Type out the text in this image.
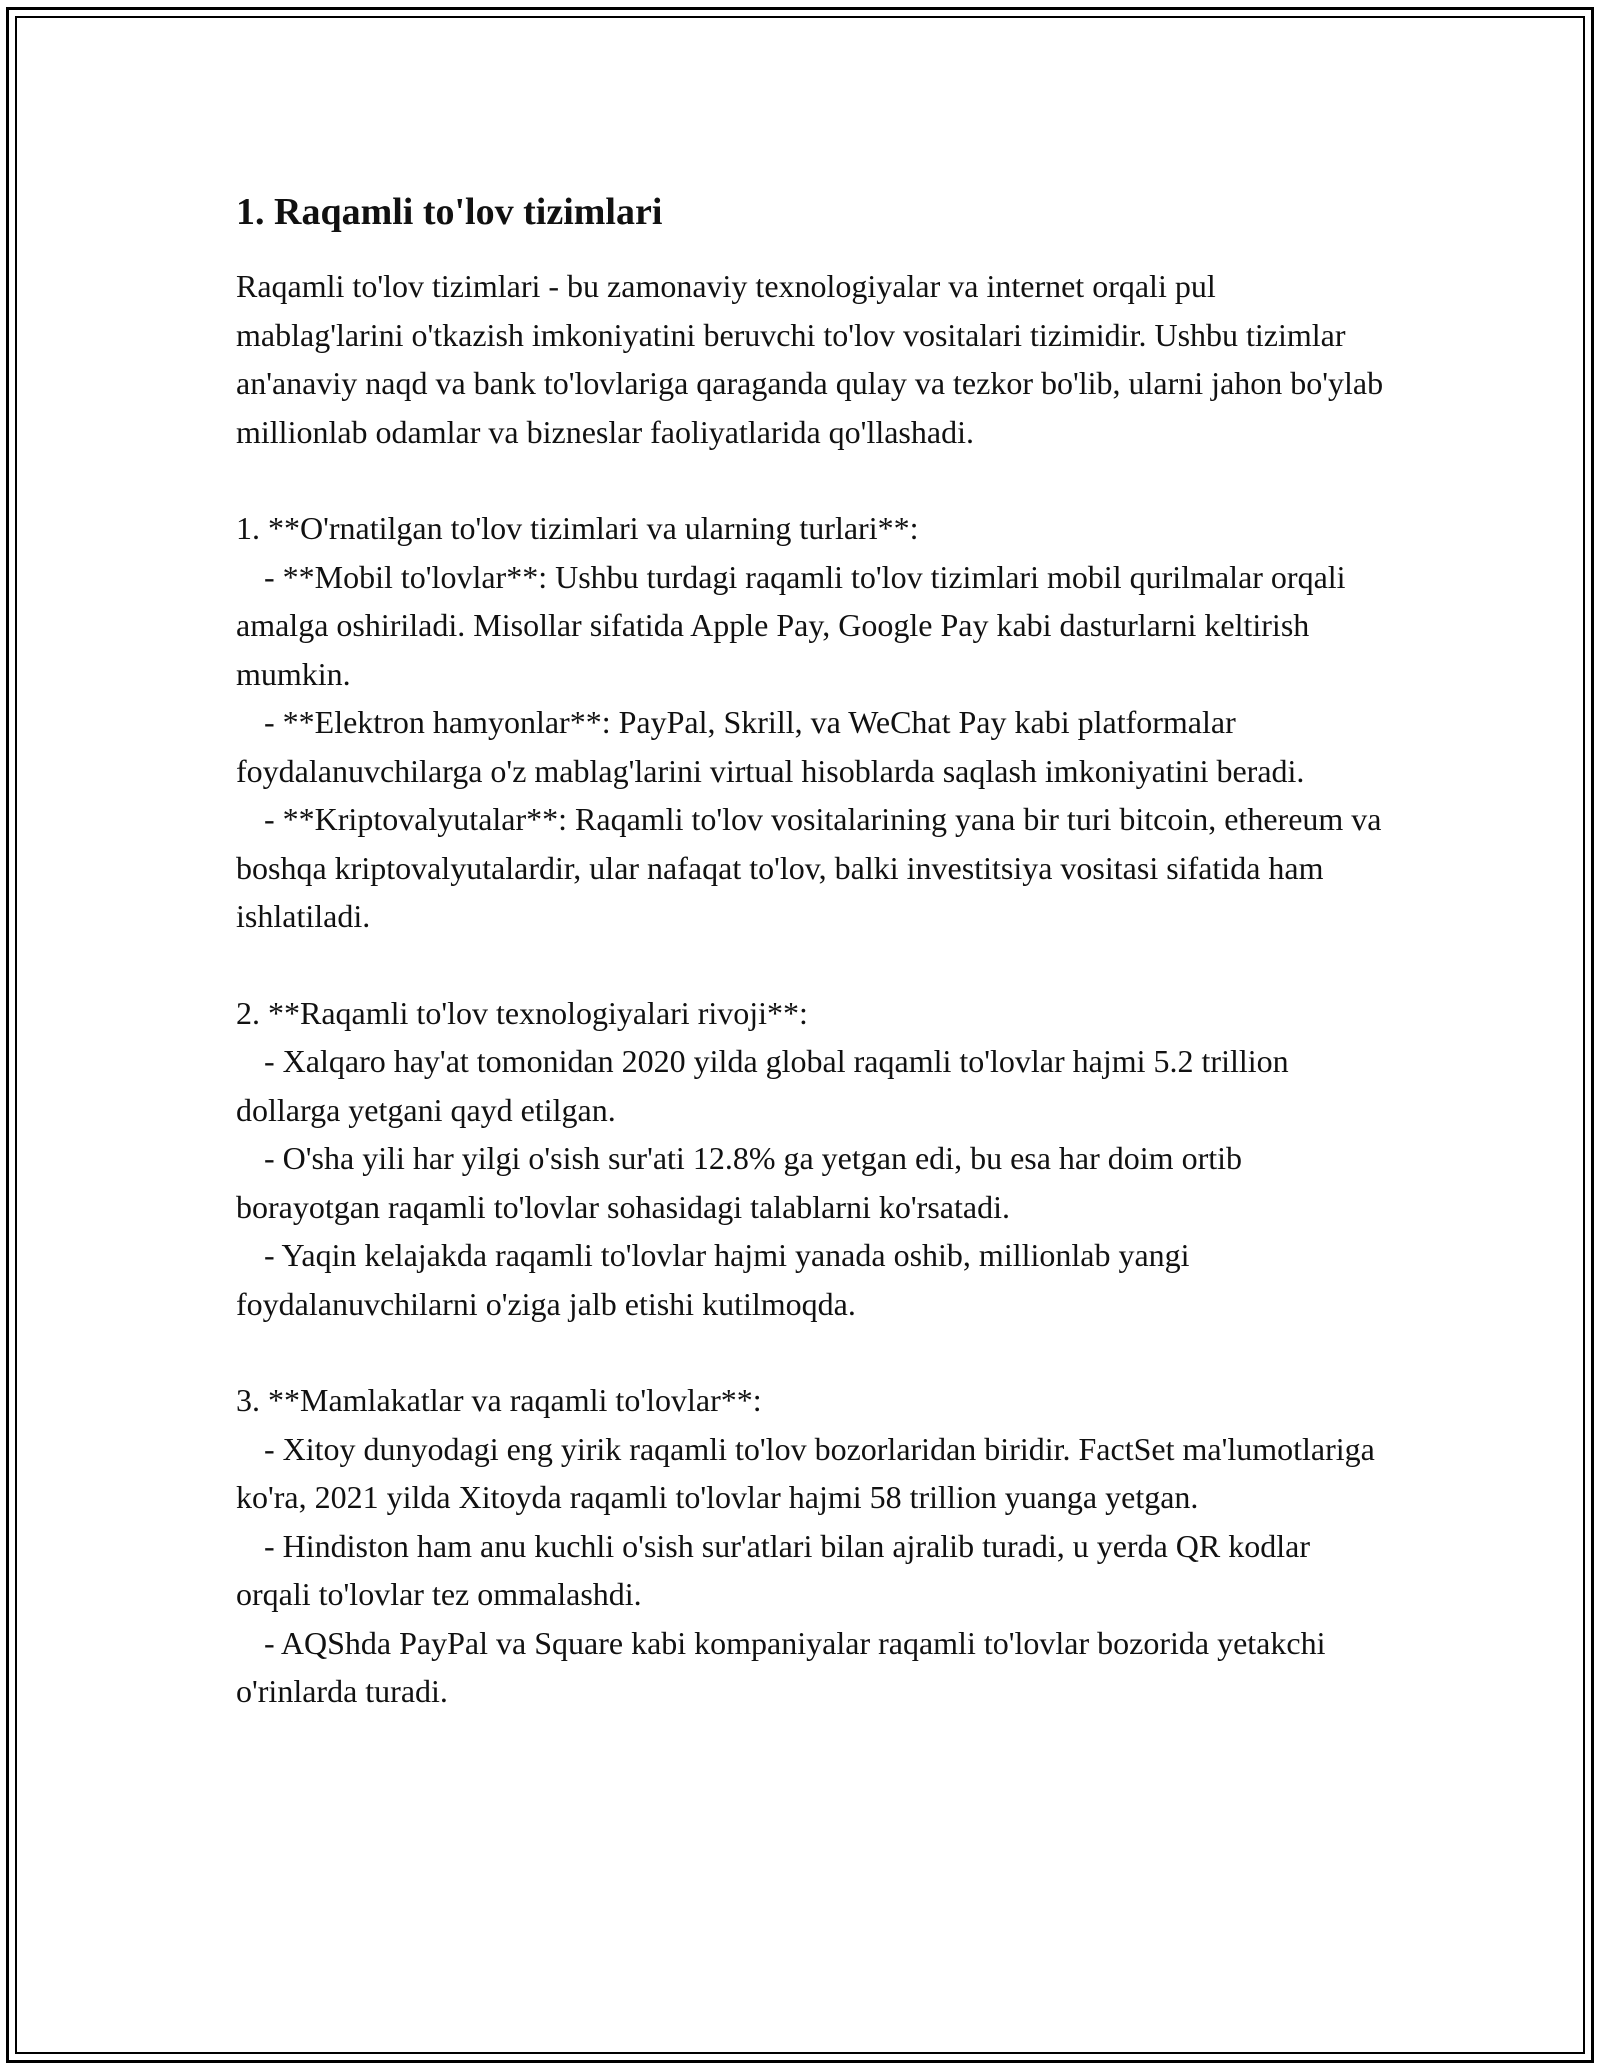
1. Raqamli to'lov tizimlari

Raqamli to'lov tizimlari - bu zamonaviy texnologiyalar va internet orqali pul mablag'larini o'tkazish imkoniyatini beruvchi to'lov vositalari tizimidir. Ushbu tizimlar an'anaviy naqd va bank to'lovlariga qaraganda qulay va tezkor bo'lib, ularni jahon bo'ylab millionlab odamlar va bizneslar faoliyatlarida qo'llashadi.

1. **O'rnatilgan to'lov tizimlari va ularning turlari**:

- **Mobil to'lovlar**: Ushbu turdagi raqamli to'lov tizimlari mobil qurilmalar orqali amalga oshiriladi. Misollar sifatida Apple Pay, Google Pay kabi dasturlarni keltirish mumkin.

- **Elektron hamyonlar**: PayPal, Skrill, va WeChat Pay kabi platformalar foydalanuvchilarga o'z mablag'larini virtual hisoblarda saqlash imkoniyatini beradi.

- **Kriptovalyutalar**: Raqamli to'lov vositalarining yana bir turi bitcoin, ethereum va boshqa kriptovalyutalardir, ular nafaqat to'lov, balki investitsiya vositasi sifatida ham ishlatiladi.

2. **Raqamli to'lov texnologiyalari rivoji**:

- Xalqaro hay'at tomonidan 2020 yilda global raqamli to'lovlar hajmi 5.2 trillion dollarga yetgani qayd etilgan.

- O'sha yili har yilgi o'sish sur'ati 12.8% ga yetgan edi, bu esa har doim ortib borayotgan raqamli to'lovlar sohasidagi talablarni ko'rsatadi.

- Yaqin kelajakda raqamli to'lovlar hajmi yanada oshib, millionlab yangi foydalanuvchilarni o'ziga jalb etishi kutilmoqda.

3. **Mamlakatlar va raqamli to'lovlar**:

- Xitoy dunyodagi eng yirik raqamli to'lov bozorlaridan biridir. FactSet ma'lumotlariga ko'ra, 2021 yilda Xitoyda raqamli to'lovlar hajmi 58 trillion yuanga yetgan.

- Hindiston ham anu kuchli o'sish sur'atlari bilan ajralib turadi, u yerda QR kodlar orqali to'lovlar tez ommalashdi.

- AQShda PayPal va Square kabi kompaniyalar raqamli to'lovlar bozorida yetakchi o'rinlarda turadi.
